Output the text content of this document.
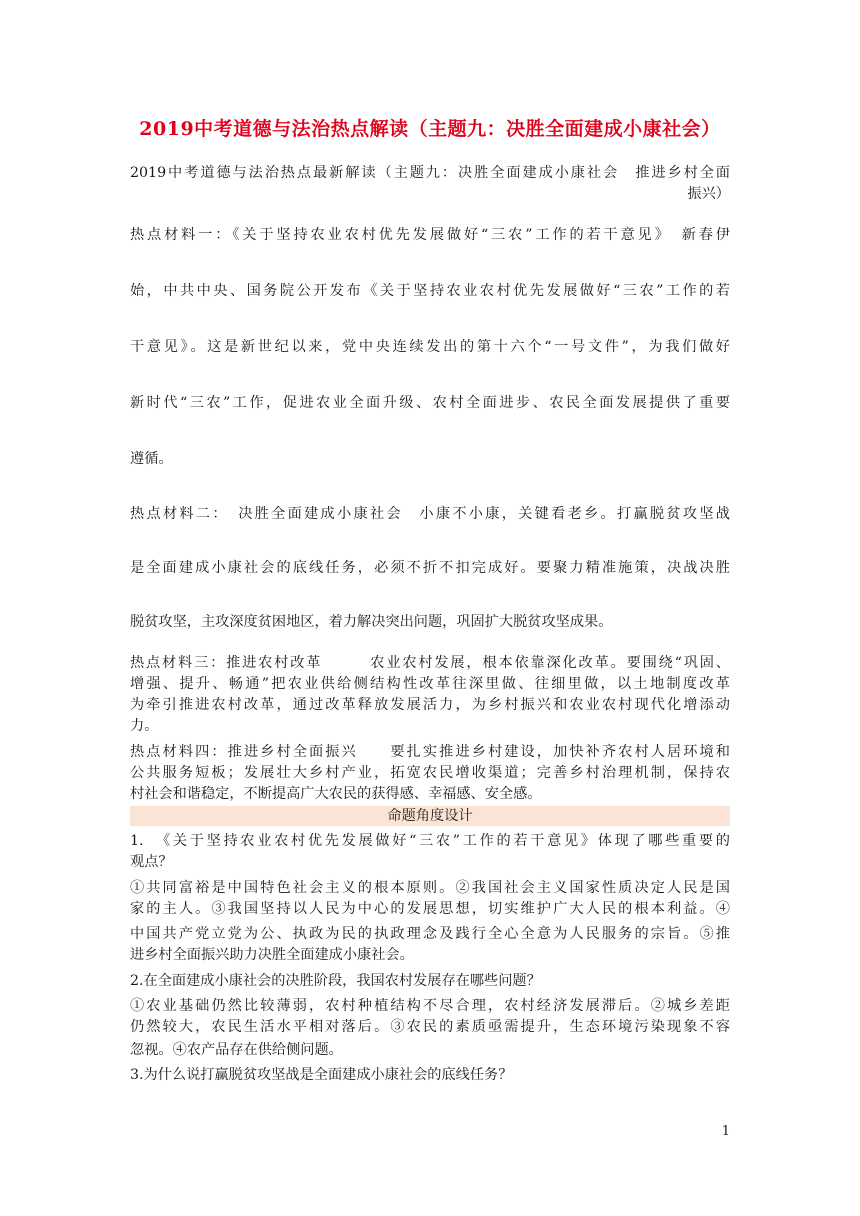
2019中考道德与法治热点解读（主题九：决胜全面建成小康社会）
2019中考道德与法治热点最新解读（主题九：决胜全面建成小康社会　推进乡村全面
振兴）
热点材料一：《关于坚持农业农村优先发展做好“三农”工作的若干意见》　新春伊
始，中共中央、国务院公开发布《关于坚持农业农村优先发展做好“三农”工作的若
干意见》。这是新世纪以来，党中央连续发出的第十六个“一号文件”，为我们做好
新时代“三农”工作，促进农业全面升级、农村全面进步、农民全面发展提供了重要
遵循。
热点材料二：　决胜全面建成小康社会　小康不小康，关键看老乡。打赢脱贫攻坚战
是全面建成小康社会的底线任务，必须不折不扣完成好。要聚力精准施策，决战决胜
脱贫攻坚，主攻深度贫困地区，着力解决突出问题，巩固扩大脱贫攻坚成果。
热点材料三：推进农村改革　　　农业农村发展，根本依靠深化改革。要围绕“巩固、
增强、提升、畅通”把农业供给侧结构性改革往深里做、往细里做，以土地制度改革
为牵引推进农村改革，通过改革释放发展活力，为乡村振兴和农业农村现代化增添动
力。
热点材料四：推进乡村全面振兴　　要扎实推进乡村建设，加快补齐农村人居环境和
公共服务短板；发展壮大乡村产业，拓宽农民增收渠道；完善乡村治理机制，保持农
村社会和谐稳定，不断提高广大农民的获得感、幸福感、安全感。
命题角度设计
1.　《关于坚持农业农村优先发展做好“三农”工作的若干意见》体现了哪些重要的
观点？
①共同富裕是中国特色社会主义的根本原则。②我国社会主义国家性质决定人民是国
家的主人。③我国坚持以人民为中心的发展思想，切实维护广大人民的根本利益。④
中国共产党立党为公、执政为民的执政理念及践行全心全意为人民服务的宗旨。⑤推
进乡村全面振兴助力决胜全面建成小康社会。
2.在全面建成小康社会的决胜阶段，我国农村发展存在哪些问题？
①农业基础仍然比较薄弱，农村种植结构不尽合理，农村经济发展滞后。②城乡差距
仍然较大，农民生活水平相对落后。③农民的素质亟需提升，生态环境污染现象不容
忽视。④农产品存在供给侧问题。
3.为什么说打赢脱贫攻坚战是全面建成小康社会的底线任务？
1
